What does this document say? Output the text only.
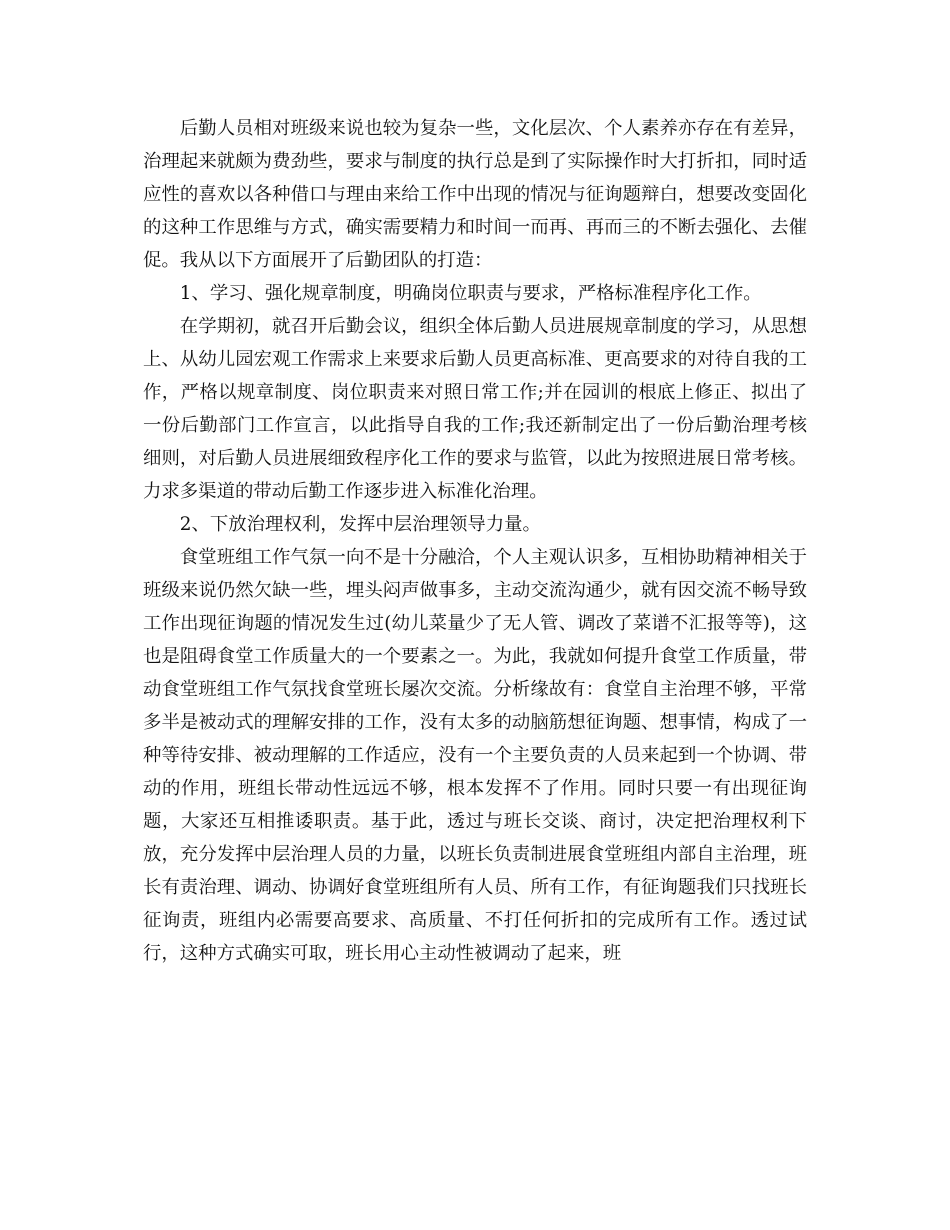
后勤人员相对班级来说也较为复杂一些，文化层次、个人素养亦存在有差异，治理起来就颇为费劲些，要求与制度的执行总是到了实际操作时大打折扣，同时适应性的喜欢以各种借口与理由来给工作中出现的情况与征询题辩白，想要改变固化的这种工作思维与方式，确实需要精力和时间一而再、再而三的不断去强化、去催促。我从以下方面展开了后勤团队的打造：

1、学习、强化规章制度，明确岗位职责与要求，严格标准程序化工作。

在学期初，就召开后勤会议，组织全体后勤人员进展规章制度的学习，从思想上、从幼儿园宏观工作需求上来要求后勤人员更高标准、更高要求的对待自我的工作，严格以规章制度、岗位职责来对照日常工作;并在园训的根底上修正、拟出了一份后勤部门工作宣言，以此指导自我的工作;我还新制定出了一份后勤治理考核细则，对后勤人员进展细致程序化工作的要求与监管，以此为按照进展日常考核。力求多渠道的带动后勤工作逐步进入标准化治理。

2、下放治理权利，发挥中层治理领导力量。

食堂班组工作气氛一向不是十分融洽，个人主观认识多，互相协助精神相关于班级来说仍然欠缺一些，埋头闷声做事多，主动交流沟通少，就有因交流不畅导致工作出现征询题的情况发生过(幼儿菜量少了无人管、调改了菜谱不汇报等等)，这也是阻碍食堂工作质量大的一个要素之一。为此，我就如何提升食堂工作质量，带动食堂班组工作气氛找食堂班长屡次交流。分析缘故有：食堂自主治理不够，平常多半是被动式的理解安排的工作，没有太多的动脑筋想征询题、想事情，构成了一种等待安排、被动理解的工作适应，没有一个主要负责的人员来起到一个协调、带动的作用，班组长带动性远远不够，根本发挥不了作用。同时只要一有出现征询题，大家还互相推诿职责。基于此，透过与班长交谈、商讨，决定把治理权利下放，充分发挥中层治理人员的力量，以班长负责制进展食堂班组内部自主治理，班长有责治理、调动、协调好食堂班组所有人员、所有工作，有征询题我们只找班长征询责，班组内必需要高要求、高质量、不打任何折扣的完成所有工作。透过试行，这种方式确实可取，班长用心主动性被调动了起来，班
